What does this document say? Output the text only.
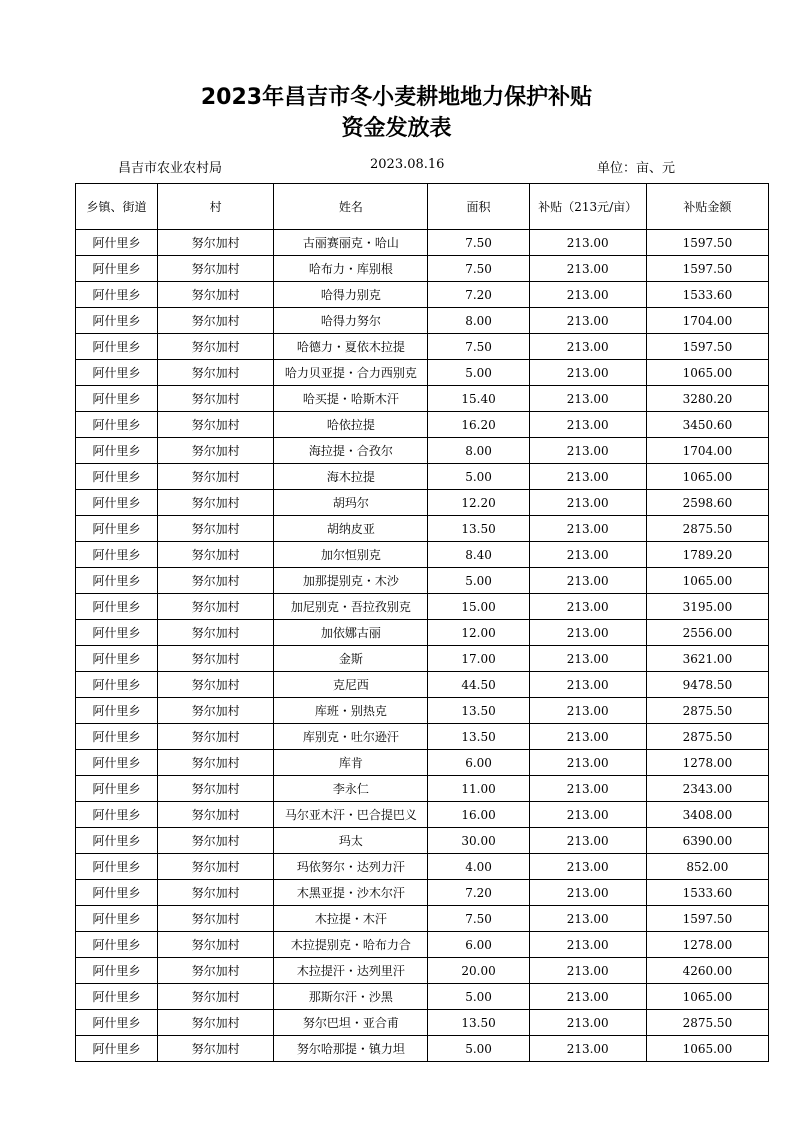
2023年昌吉市冬小麦耕地地力保护补贴
资金发放表
昌吉市农业农村局	2023.08.16	单位：亩、元
乡镇、街道	村	姓名	面积	补贴（213元/亩）	补贴金额
阿什里乡	努尔加村	古丽赛丽克・哈山	7.50	213.00	1597.50
阿什里乡	努尔加村	哈布力・库别根	7.50	213.00	1597.50
阿什里乡	努尔加村	哈得力别克	7.20	213.00	1533.60
阿什里乡	努尔加村	哈得力努尔	8.00	213.00	1704.00
阿什里乡	努尔加村	哈德力・夏依木拉提	7.50	213.00	1597.50
阿什里乡	努尔加村	哈力贝亚提・合力西别克	5.00	213.00	1065.00
阿什里乡	努尔加村	哈买提・哈斯木汗	15.40	213.00	3280.20
阿什里乡	努尔加村	哈依拉提	16.20	213.00	3450.60
阿什里乡	努尔加村	海拉提・合孜尔	8.00	213.00	1704.00
阿什里乡	努尔加村	海木拉提	5.00	213.00	1065.00
阿什里乡	努尔加村	胡玛尔	12.20	213.00	2598.60
阿什里乡	努尔加村	胡纳皮亚	13.50	213.00	2875.50
阿什里乡	努尔加村	加尔恒别克	8.40	213.00	1789.20
阿什里乡	努尔加村	加那提别克・木沙	5.00	213.00	1065.00
阿什里乡	努尔加村	加尼别克・吾拉孜别克	15.00	213.00	3195.00
阿什里乡	努尔加村	加依娜古丽	12.00	213.00	2556.00
阿什里乡	努尔加村	金斯	17.00	213.00	3621.00
阿什里乡	努尔加村	克尼西	44.50	213.00	9478.50
阿什里乡	努尔加村	库班・别热克	13.50	213.00	2875.50
阿什里乡	努尔加村	库别克・吐尔逊汗	13.50	213.00	2875.50
阿什里乡	努尔加村	库肯	6.00	213.00	1278.00
阿什里乡	努尔加村	李永仁	11.00	213.00	2343.00
阿什里乡	努尔加村	马尔亚木汗・巴合提巴义	16.00	213.00	3408.00
阿什里乡	努尔加村	玛太	30.00	213.00	6390.00
阿什里乡	努尔加村	玛依努尔・达列力汗	4.00	213.00	852.00
阿什里乡	努尔加村	木黑亚提・沙木尔汗	7.20	213.00	1533.60
阿什里乡	努尔加村	木拉提・木汗	7.50	213.00	1597.50
阿什里乡	努尔加村	木拉提别克・哈布力合	6.00	213.00	1278.00
阿什里乡	努尔加村	木拉提汗・达列里汗	20.00	213.00	4260.00
阿什里乡	努尔加村	那斯尔汗・沙黑	5.00	213.00	1065.00
阿什里乡	努尔加村	努尔巴坦・亚合甫	13.50	213.00	2875.50
阿什里乡	努尔加村	努尔哈那提・镇力坦	5.00	213.00	1065.00
